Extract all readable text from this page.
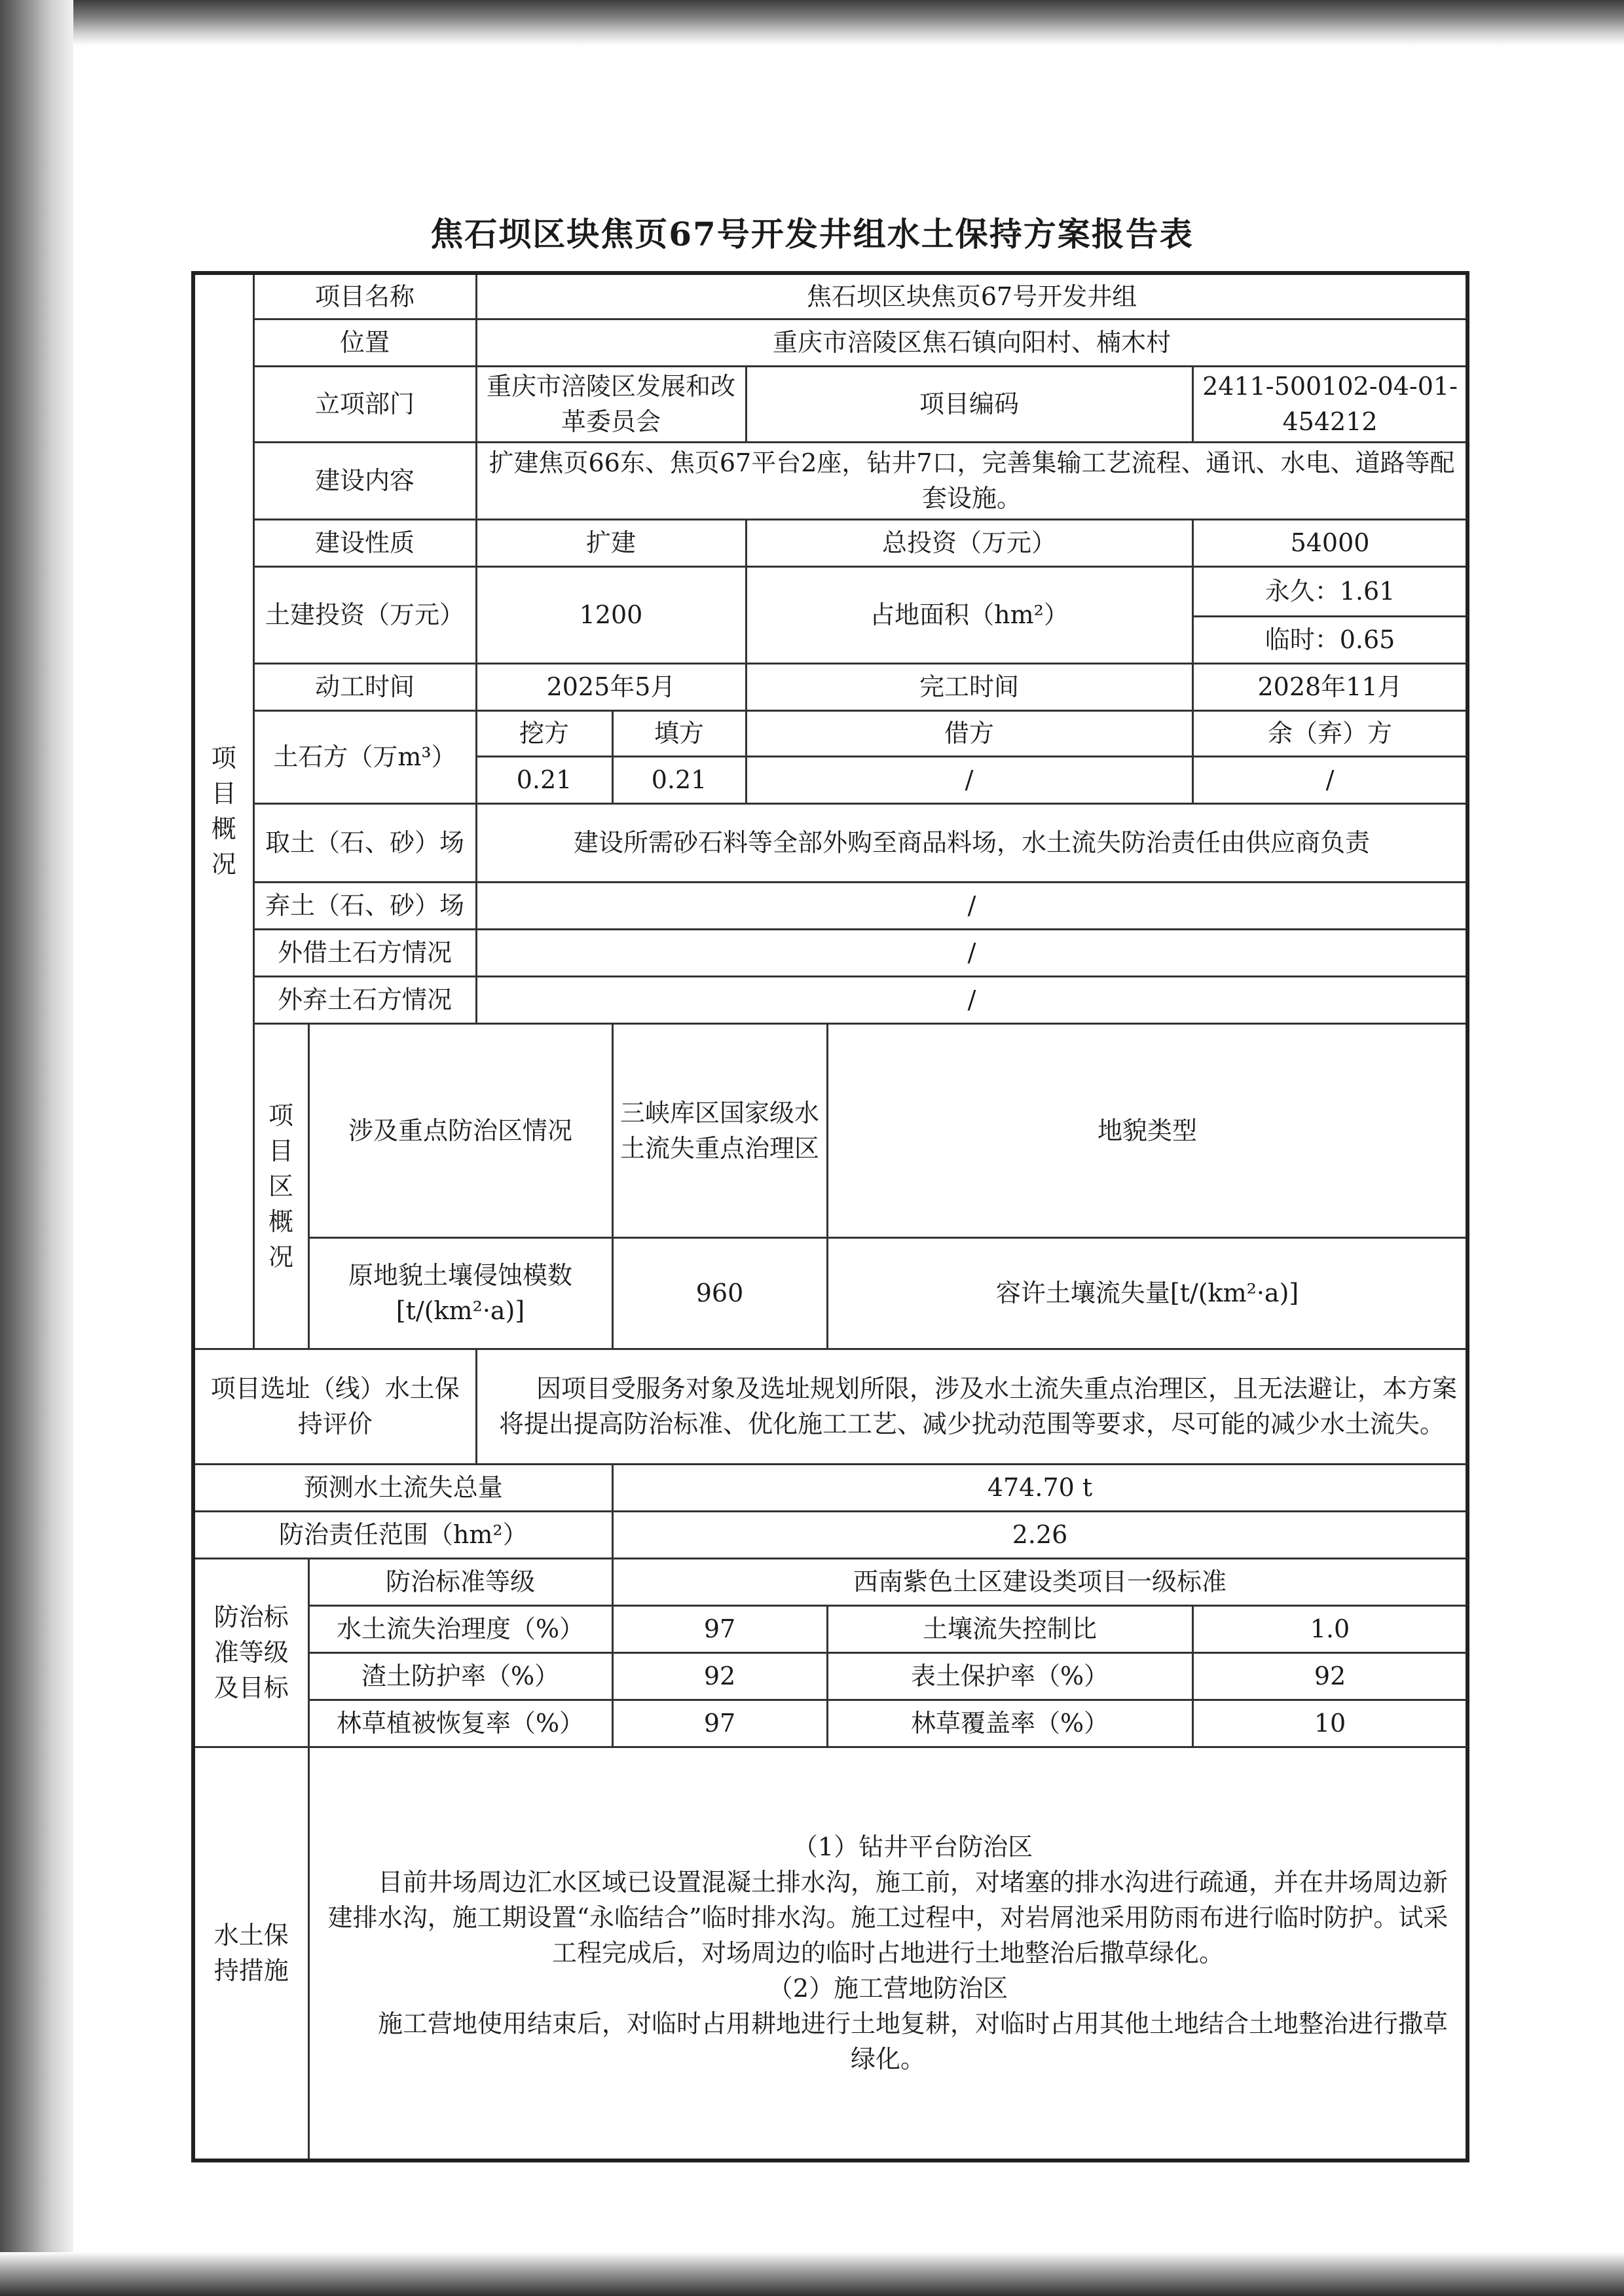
焦石坝区块焦页67号开发井组水土保持方案报告表
项目概况	项目名称		焦石坝区块焦页67号开发井组					
	位置		重庆市涪陵区焦石镇向阳村、楠木村					
	立项部门		重庆市涪陵区发展和改革委员会		项目编码		2411-500102-04-01-454212	
	建设内容		扩建焦页66东、焦页67平台2座，钻井7口，完善集输工艺流程、通讯、水电、道路等配套设施。					
	建设性质		扩建		总投资（万元）		54000	
	土建投资（万元）		1200		占地面积（hm²）		永久：1.61	
							临时：0.65	
	动工时间		2025年5月		完工时间		2028年11月	
	土石方（万m³）		挖方	填方	借方		余（弃）方	
			0.21	0.21	/		/	
	取土（石、砂）场		建设所需砂石料等全部外购至商品料场，水土流失防治责任由供应商负责					
	弃土（石、砂）场		/					
	外借土石方情况		/					
	外弃土石方情况		/					
	项目区概况	涉及重点防治区情况		三峡库区国家级水土流失重点治理区		地貌类型	
		原地貌土壤侵蚀模数[t/(km²·a)]		960		容许土壤流失量[t/(km²·a)]	
项目选址（线）水土保持评价			因项目受服务对象及选址规划所限，涉及水土流失重点治理区，且无法避让，本方案将提出提高防治标准、优化施工工艺、减少扰动范围等要求，尽可能的减少水土流失。					
预测水土流失总量				474.70 t				
防治责任范围（hm²）				2.26				
防治标准等级及目标		防治标准等级		西南紫色土区建设类项目一级标准				
		水土流失治理度（%）		97		土壤流失控制比	1.0	
		渣土防护率（%）		92		表土保护率（%）	92	
		林草植被恢复率（%）		97		林草覆盖率（%）	10	
水土保持措施		（1）钻井平台防治区
目前井场周边汇水区域已设置混凝土排水沟，施工前，对堵塞的排水沟进行疏通，并在井场周边新建排水沟，施工期设置“永临结合”临时排水沟。施工过程中，对岩屑池采用防雨布进行临时防护。试采工程完成后，对场周边的临时占地进行土地整治后撒草绿化。
（2）施工营地防治区
施工营地使用结束后，对临时占用耕地进行土地复耕，对临时占用其他土地结合土地整治进行撒草绿化。						
